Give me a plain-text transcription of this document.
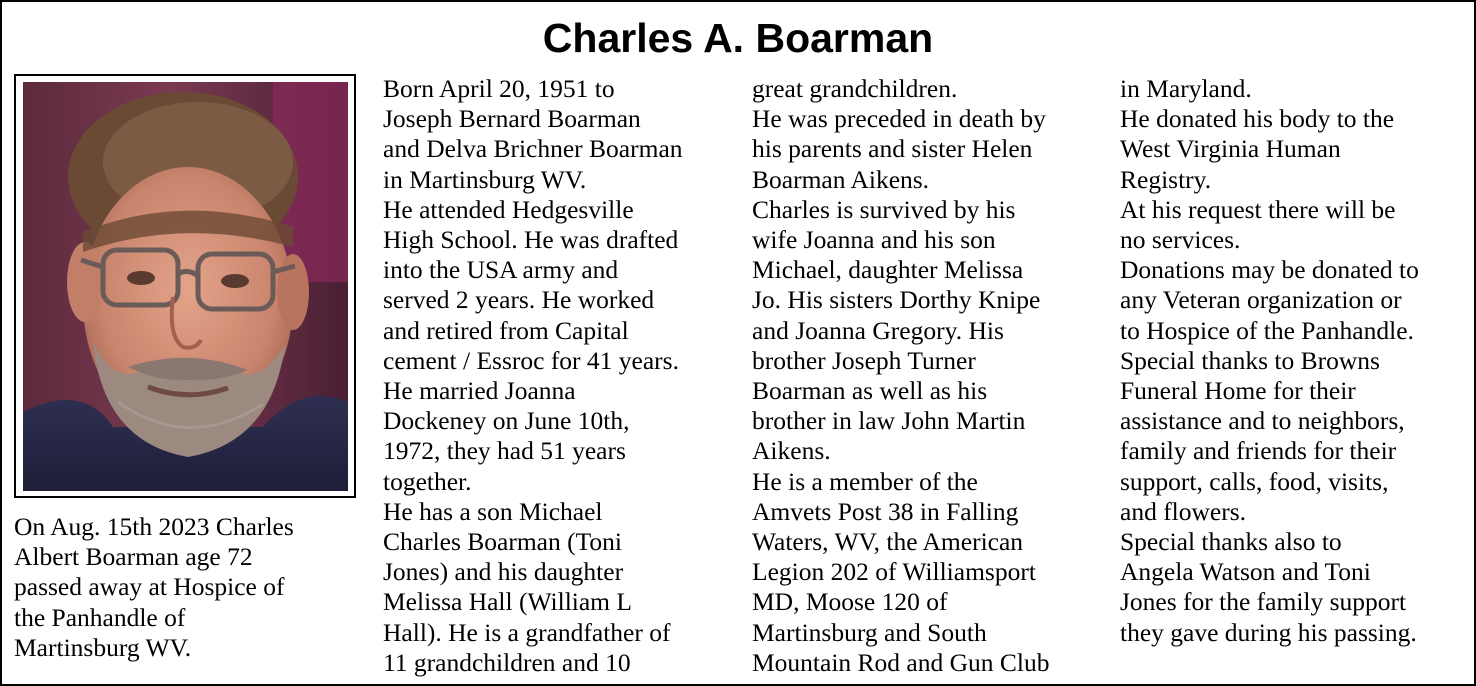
Charles A. Boarman
On Aug. 15th 2023 Charles
Albert Boarman age 72
passed away at Hospice of
the Panhandle of
Martinsburg WV.
Born April 20, 1951 to
Joseph Bernard Boarman
and Delva Brichner Boarman
in Martinsburg WV.
He attended Hedgesville
High School. He was drafted
into the USA army and
served 2 years. He worked
and retired from Capital
cement / Essroc for 41 years.
He married Joanna
Dockeney on June 10th,
1972, they had 51 years
together.
He has a son Michael
Charles Boarman (Toni
Jones) and his daughter
Melissa Hall (William L
Hall). He is a grandfather of
11 grandchildren and 10
great grandchildren.
He was preceded in death by
his parents and sister Helen
Boarman Aikens.
Charles is survived by his
wife Joanna and his son
Michael, daughter Melissa
Jo. His sisters Dorthy Knipe
and Joanna Gregory. His
brother Joseph Turner
Boarman as well as his
brother in law John Martin
Aikens.
He is a member of the
Amvets Post 38 in Falling
Waters, WV, the American
Legion 202 of Williamsport
MD, Moose 120 of
Martinsburg and South
Mountain Rod and Gun Club
in Maryland.
He donated his body to the
West Virginia Human
Registry.
At his request there will be
no services.
Donations may be donated to
any Veteran organization or
to Hospice of the Panhandle.
Special thanks to Browns
Funeral Home for their
assistance and to neighbors,
family and friends for their
support, calls, food, visits,
and flowers.
Special thanks also to
Angela Watson and Toni
Jones for the family support
they gave during his passing.
